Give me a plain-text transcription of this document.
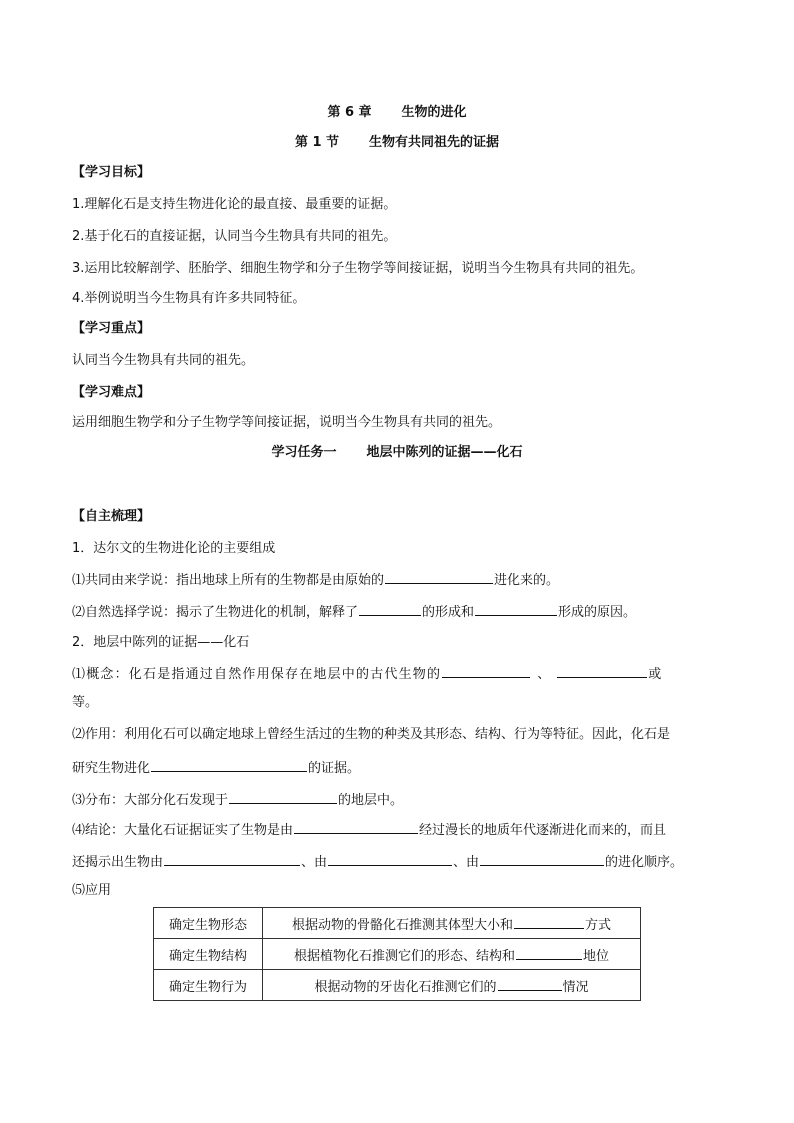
第 6 章 生物的进化
第 1 节 生物有共同祖先的证据
【学习目标】
1.理解化石是支持生物进化论的最直接、最重要的证据。
2.基于化石的直接证据，认同当今生物具有共同的祖先。
3.运用比较解剖学、胚胎学、细胞生物学和分子生物学等间接证据，说明当今生物具有共同的祖先。
4.举例说明当今生物具有许多共同特征。
【学习重点】
认同当今生物具有共同的祖先。
【学习难点】
运用细胞生物学和分子生物学等间接证据，说明当今生物具有共同的祖先。
学习任务一 地层中陈列的证据——化石
【自主梳理】
1．达尔文的生物进化论的主要组成
⑴共同由来学说：指出地球上所有的生物都是由原始的	进化来的。
⑵自然选择学说：揭示了生物进化的机制，解释了	的形成和	形成的原因。
2．地层中陈列的证据——化石
⑴概念：化石是指通过自然作用保存在地层中的古代生物的	、	或
等。
⑵作用：利用化石可以确定地球上曾经生活过的生物的种类及其形态、结构、行为等特征。因此，化石是
研究生物进化	的证据。
⑶分布：大部分化石发现于	的地层中。
⑷结论：大量化石证据证实了生物是由	经过漫长的地质年代逐渐进化而来的，而且
还揭示出生物由	、由	、由	的进化顺序。
⑸应用
确定生物形态	根据动物的骨骼化石推测其体型大小和 方式
确定生物结构	根据植物化石推测它们的形态、结构和 地位
确定生物行为	根据动物的牙齿化石推测它们的 情况
